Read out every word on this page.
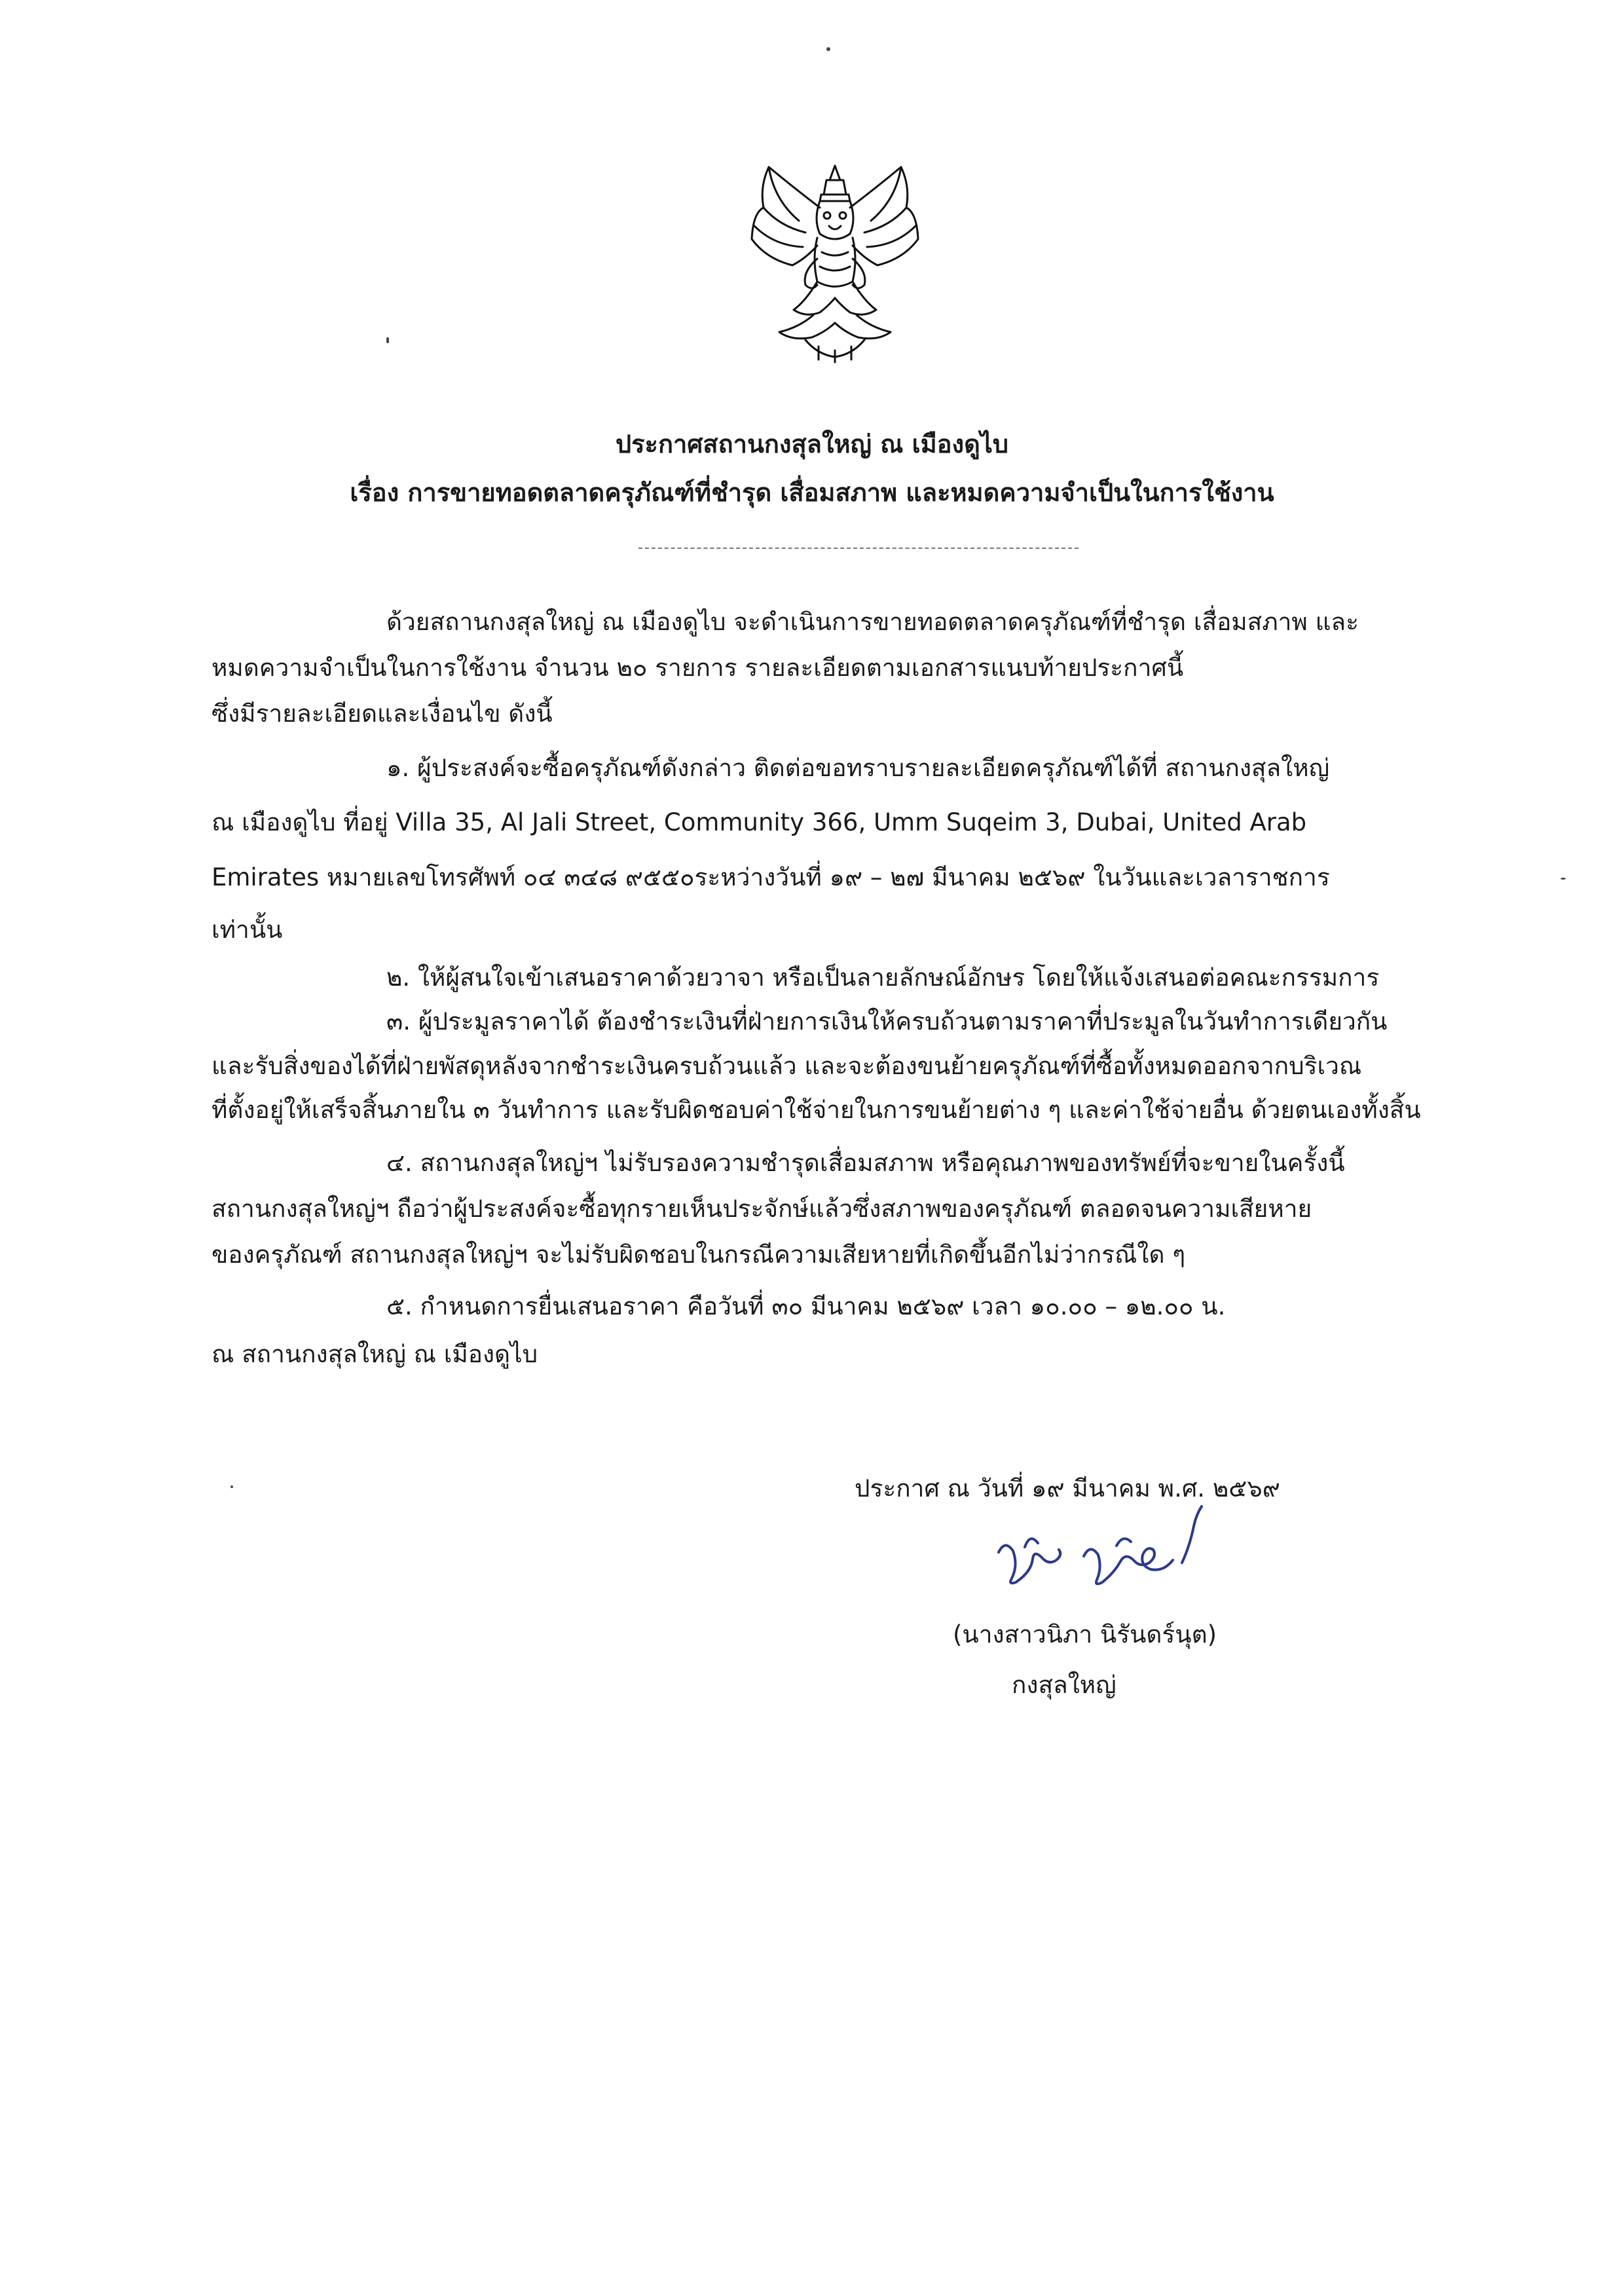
ประกาศสถานกงสุลใหญ่ ณ เมืองดูไบ
เรื่อง การขายทอดตลาดครุภัณฑ์ที่ชำรุด เสื่อมสภาพ และหมดความจำเป็นในการใช้งาน
ด้วยสถานกงสุลใหญ่ ณ เมืองดูไบ จะดำเนินการขายทอดตลาดครุภัณฑ์ที่ชำรุด เสื่อมสภาพ และ
หมดความจำเป็นในการใช้งาน จำนวน ๒๐ รายการ รายละเอียดตามเอกสารแนบท้ายประกาศนี้
ซึ่งมีรายละเอียดและเงื่อนไข ดังนี้
๑. ผู้ประสงค์จะซื้อครุภัณฑ์ดังกล่าว ติดต่อขอทราบรายละเอียดครุภัณฑ์ได้ที่ สถานกงสุลใหญ่
ณ เมืองดูไบ ที่อยู่ Villa 35, Al Jali Street, Community 366, Umm Suqeim 3, Dubai, United Arab
Emirates หมายเลขโทรศัพท์ ๐๔ ๓๔๘ ๙๕๕๐ระหว่างวันที่ ๑๙ – ๒๗ มีนาคม ๒๕๖๙ ในวันและเวลาราชการ
เท่านั้น
๒. ให้ผู้สนใจเข้าเสนอราคาด้วยวาจา หรือเป็นลายลักษณ์อักษร โดยให้แจ้งเสนอต่อคณะกรรมการ
๓. ผู้ประมูลราคาได้ ต้องชำระเงินที่ฝ่ายการเงินให้ครบถ้วนตามราคาที่ประมูลในวันทำการเดียวกัน
และรับสิ่งของได้ที่ฝ่ายพัสดุหลังจากชำระเงินครบถ้วนแล้ว และจะต้องขนย้ายครุภัณฑ์ที่ซื้อทั้งหมดออกจากบริเวณ
ที่ตั้งอยู่ให้เสร็จสิ้นภายใน ๓ วันทำการ และรับผิดชอบค่าใช้จ่ายในการขนย้ายต่าง ๆ และค่าใช้จ่ายอื่น ด้วยตนเองทั้งสิ้น
๔. สถานกงสุลใหญ่ฯ ไม่รับรองความชำรุดเสื่อมสภาพ หรือคุณภาพของทรัพย์ที่จะขายในครั้งนี้
สถานกงสุลใหญ่ฯ ถือว่าผู้ประสงค์จะซื้อทุกรายเห็นประจักษ์แล้วซึ่งสภาพของครุภัณฑ์ ตลอดจนความเสียหาย
ของครุภัณฑ์ สถานกงสุลใหญ่ฯ จะไม่รับผิดชอบในกรณีความเสียหายที่เกิดขึ้นอีกไม่ว่ากรณีใด ๆ
๕. กำหนดการยื่นเสนอราคา คือวันที่ ๓๐ มีนาคม ๒๕๖๙ เวลา ๑๐.๐๐ – ๑๒.๐๐ น.
ณ สถานกงสุลใหญ่ ณ เมืองดูไบ
ประกาศ ณ วันที่ ๑๙ มีนาคม พ.ศ. ๒๕๖๙
(นางสาวนิภา นิรันดร์นุต)
กงสุลใหญ่
